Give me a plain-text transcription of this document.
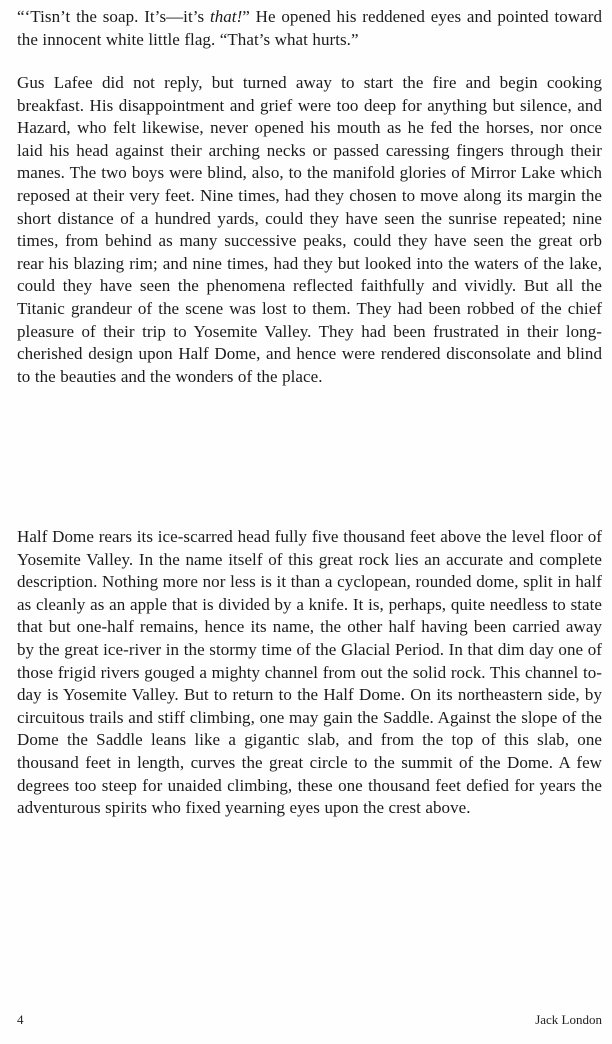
“‘Tisn’t the soap. It’s—it’s that!” He opened his reddened eyes and pointed toward the innocent white little flag. “That’s what hurts.”

Gus Lafee did not reply, but turned away to start the fire and begin cooking breakfast. His disappointment and grief were too deep for anything but silence, and Hazard, who felt likewise, never opened his mouth as he fed the horses, nor once laid his head against their arching necks or passed caressing fingers through their manes. The two boys were blind, also, to the manifold glories of Mirror Lake which reposed at their very feet. Nine times, had they chosen to move along its margin the short distance of a hundred yards, could they have seen the sunrise repeated; nine times, from behind as many successive peaks, could they have seen the great orb rear his blazing rim; and nine times, had they but looked into the waters of the lake, could they have seen the phenomena reflected faithfully and vividly. But all the Titanic grandeur of the scene was lost to them. They had been robbed of the chief pleasure of their trip to Yosemite Valley. They had been frustrated in their long-cherished design upon Half Dome, and hence were rendered disconsolate and blind to the beauties and the wonders of the place.

Half Dome rears its ice-scarred head fully five thousand feet above the level floor of Yosemite Valley. In the name itself of this great rock lies an accurate and complete description. Nothing more nor less is it than a cyclopean, rounded dome, split in half as cleanly as an apple that is divided by a knife. It is, perhaps, quite needless to state that but one-half remains, hence its name, the other half having been carried away by the great ice-river in the stormy time of the Glacial Period. In that dim day one of those frigid rivers gouged a mighty channel from out the solid rock. This channel to-day is Yosemite Valley. But to return to the Half Dome. On its northeastern side, by circuitous trails and stiff climbing, one may gain the Saddle. Against the slope of the Dome the Saddle leans like a gigantic slab, and from the top of this slab, one thousand feet in length, curves the great circle to the summit of the Dome. A few degrees too steep for unaided climbing, these one thousand feet defied for years the adventurous spirits who fixed yearning eyes upon the crest above.

4	Jack London
